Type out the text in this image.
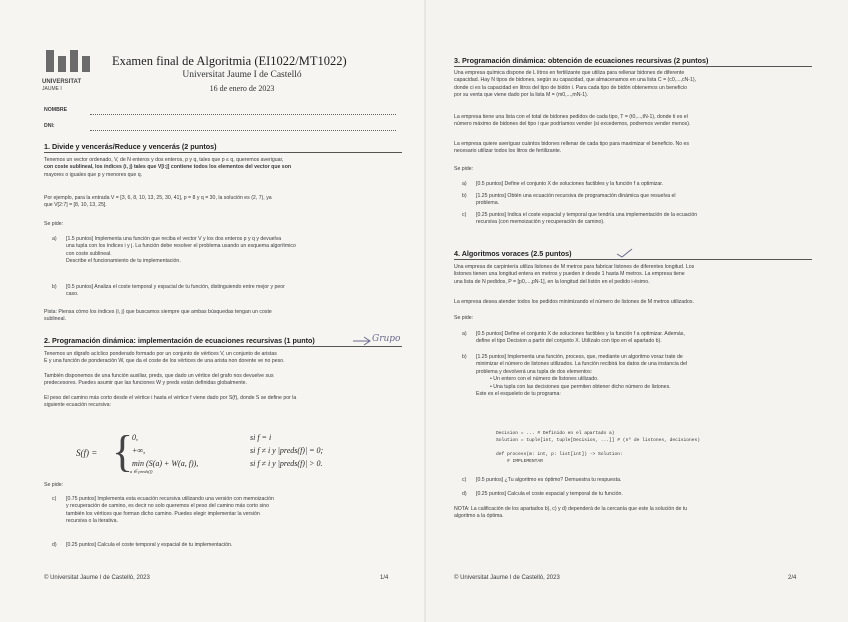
UNIVERSITAT
JAUME I
Examen final de Algoritmia (EI1022/MT1022)
Universitat Jaume I de Castelló
16 de enero de 2023
NOMBRE
DNI:
1. Divide y vencerás/Reduce y vencerás (2 puntos)
Tenemos un vector ordenado, V, de N enteros y dos enteros, p y q, tales que p ≤ q, queremos averiguar,
con coste sublineal, los índices (i, j) tales que V[i:j] contiene todos los elementos del vector que son
mayores o iguales que p y menores que q.
Por ejemplo, para la entrada V = [3, 6, 8, 10, 13, 25, 30, 41], p = 8 y q = 30, la solución es (2, 7), ya
que V[2:7] = [8, 10, 13, 25].
Se pide:
a) [1.5 puntos] Implementa una función que reciba el vector V y los dos enteros p y q y devuelva
una tupla con los índices i y j. La función debe resolver el problema usando un esquema algorítmico
con coste sublineal.
Describe el funcionamiento de tu implementación.
b) [0.5 puntos] Analiza el coste temporal y espacial de tu función, distinguiendo entre mejor y peor
caso.
Pista: Piensa cómo los índices (i, j) que buscamos siempre que ambas búsquedas tengan un coste
sublineal.
2. Programación dinámica: implementación de ecuaciones recursivas (1 punto)	Grupo
Tenemos un digrafo acíclico ponderado formado por un conjunto de vértices V, un conjunto de aristas
E y una función de ponderación W, que da el coste de los vértices de una arista non dorente ve no peso.
También disponemos de una función auxiliar, preds, que dado un vértice del grafo nos devuelve sus
predecesores. Puedes asumir que las funciones W y preds están definidas globalmente.
El peso del camino más corto desde el vértice i hasta el vértice f viene dado por S(f), donde S se define por la
siguiente ecuación recursiva:
S(f) = {
0,	si f = i
+∞,	si f ≠ i y |preds(f)| = 0;
min (S(a) + W(a, f)),
a ∈ preds(f)
si f ≠ i y |preds(f)| > 0.
Se pide:
c) [0.75 puntos] Implementa esta ecuación recursiva utilizando una versión con memoización
y recuperación de camino, es decir no solo queremos el peso del camino más corto sino
también los vértices que forman dicho camino. Puedes elegir implementar la versión
recursiva o la iterativa.
d) [0.25 puntos] Calcula el coste temporal y espacial de tu implementación.
© Universitat Jaume I de Castelló, 2023	1/4
3. Programación dinámica: obtención de ecuaciones recursivas (2 puntos)
Una empresa química dispone de L litros en fertilizante que utiliza para rellenar bidones de diferente
capacidad. Hay N tipos de bidones, según su capacidad, que almacenamos en una lista C = (c0,...,cN-1),
donde ci es la capacidad en litros del tipo de bidón i. Para cada tipo de bidón obtenemos un beneficio
por su venta que viene dado por la lista M = (m0,...,mN-1).
La empresa tiene una lista con el total de bidones pedidos de cada tipo, T = (t0,...,tN-1), donde ti es el
número máximo de bidones del tipo i que podríamos vender (si excedemos, podremos vender menos).
La empresa quiere averiguar cuántos bidones rellenar de cada tipo para maximizar el beneficio. No es
necesario utilizar todos los litros de fertilizante.
Se pide:
a) [0.5 puntos] Define el conjunto X de soluciones factibles y la función f a optimizar.
b) [1.25 puntos] Obtén una ecuación recursiva de programación dinámica que resuelva el
problema.
c) [0.25 puntos] Indica el coste espacial y temporal que tendría una implementación de la ecuación
recursiva (con memoización y recuperación de camino).
4. Algoritmos voraces (2.5 puntos)
Una empresa de carpintería utiliza listones de M metros para fabricar listones de diferentes longitud. Los
listones tienen una longitud entera en metros y pueden ir desde 1 hasta M metros. La empresa tiene
una lista de N pedidos, P = [p0,...,pN-1], en la longitud del listón en el pedido i-ésimo.
La empresa desea atender todos los pedidos minimizando el número de listones de M metros utilizados.
Se pide:
a) [0.5 puntos] Define el conjunto X de soluciones factibles y la función f a optimizar. Además,
define el tipo Decision a partir del conjunto X. Utilízalo con tipo en el apartado b).
b) [1.25 puntos] Implementa una función, process, que, mediante un algoritmo voraz trate de
minimizar el número de listones utilizados. La función recibirá los datos de una instancia del
problema y devolverá una tupla de dos elementos:
• Un entero con el número de listones utilizado.
• Una tupla con las decisiones que permiten obtener dicho número de listones.
Este es el esqueleto de tu programa:
Decision = ... # Definido en el apartado a)
Solution = tuple[int, tuple[Decision, ...]] # (nº de listones, decisiones)
def process(m: int, p: list[int]) -> Solution:
# IMPLEMENTAR
c) [0.5 puntos] ¿Tu algoritmo es óptimo? Demuestra tu respuesta.
d) [0.25 puntos] Calcula el coste espacial y temporal de tu función.
NOTA: La calificación de los apartados b), c) y d) dependerá de la cercanía que este la solución de tu
algoritmo a la óptima.
© Universitat Jaume I de Castelló, 2023	2/4
